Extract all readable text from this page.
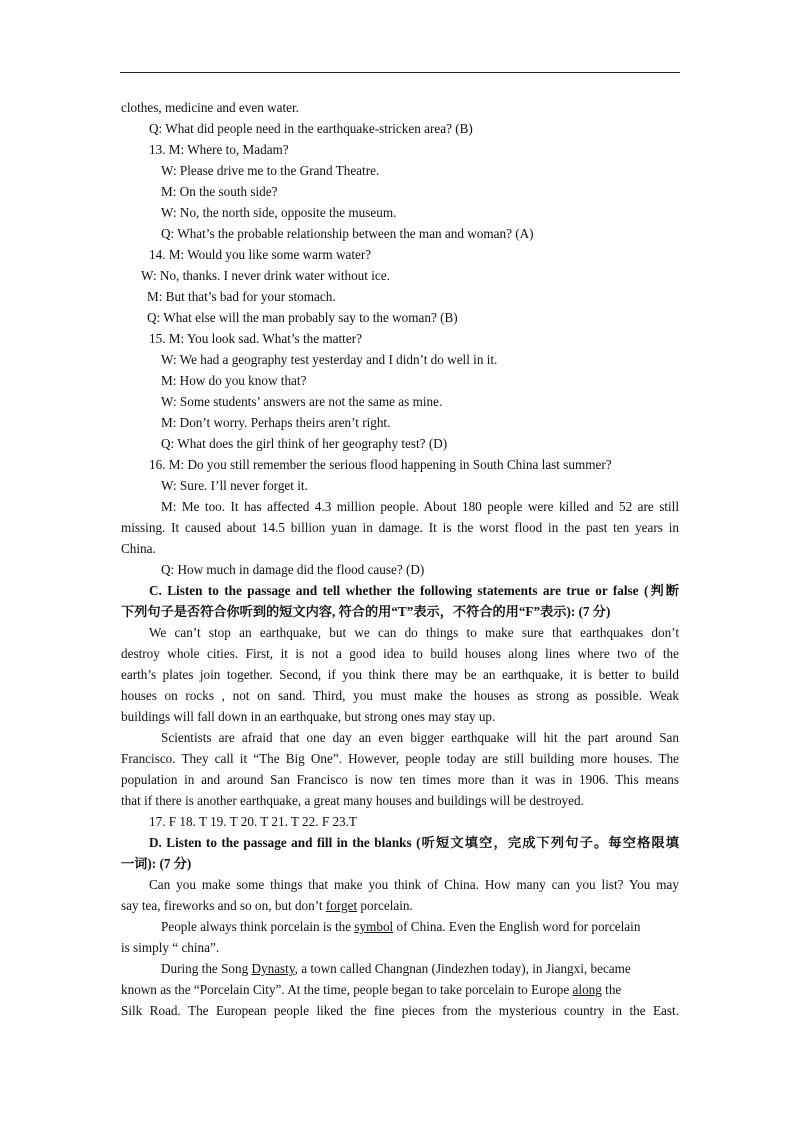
clothes, medicine and even water.
Q: What did people need in the earthquake-stricken area? (B)
13. M: Where to, Madam?
W: Please drive me to the Grand Theatre.
M: On the south side?
W: No, the north side, opposite the museum.
Q: What’s the probable relationship between the man and woman? (A)
14. M: Would you like some warm water?
W: No, thanks. I never drink water without ice.
M: But that’s bad for your stomach.
Q: What else will the man probably say to the woman? (B)
15. M: You look sad. What’s the matter?
W: We had a geography test yesterday and I didn’t do well in it.
M: How do you know that?
W: Some students’ answers are not the same as mine.
M: Don’t worry. Perhaps theirs aren’t right.
Q: What does the girl think of her geography test? (D)
16. M: Do you still remember the serious flood happening in South China last summer?
W: Sure. I’ll never forget it.
M: Me too. It has affected 4.3 million people. About 180 people were killed and 52 are still
missing. It caused about 14.5 billion yuan in damage. It is the worst flood in the past ten years in
China.
Q: How much in damage did the flood cause? (D)
C. Listen to the passage and tell whether the following statements are true or false (判断
下列句子是否符合你听到的短文内容, 符合的用“T”表示，不符合的用“F”表示): (7 分)
We can’t stop an earthquake, but we can do things to make sure that earthquakes don’t
destroy whole cities. First, it is not a good idea to build houses along lines where two of the
earth’s plates join together. Second, if you think there may be an earthquake, it is better to build
houses on rocks , not on sand. Third, you must make the houses as strong as possible. Weak
buildings will fall down in an earthquake, but strong ones may stay up.
Scientists are afraid that one day an even bigger earthquake will hit the part around San
Francisco. They call it “The Big One”. However, people today are still building more houses. The
population in and around San Francisco is now ten times more than it was in 1906. This means
that if there is another earthquake, a great many houses and buildings will be destroyed.
17. F 18. T 19. T 20. T 21. T 22. F 23.T
D. Listen to the passage and fill in the blanks (听短文填空，完成下列句子。每空格限填
一词): (7 分)
Can you make some things that make you think of China. How many can you list? You may
say tea, fireworks and so on, but don’t forget porcelain.
People always think porcelain is the symbol of China. Even the English word for porcelain
is simply “ china”.
During the Song Dynasty, a town called Changnan (Jindezhen today), in Jiangxi, became
known as the “Porcelain City”. At the time, people began to take porcelain to Europe along the
Silk Road. The European people liked the fine pieces from the mysterious country in the East.
